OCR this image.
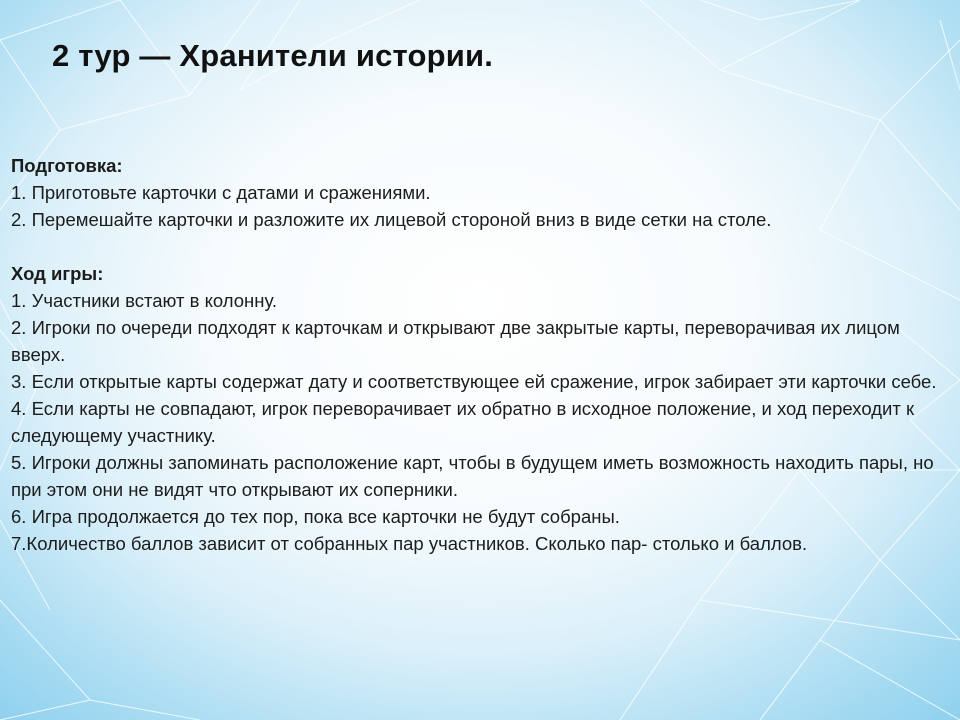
2 тур — Хранители истории.

Подготовка:

1. Приготовьте карточки с датами и сражениями.

2. Перемешайте карточки и разложите их лицевой стороной вниз в виде сетки на столе.

Ход игры:

1. Участники встают в колонну.

2. Игроки по очереди подходят к карточкам и открывают две закрытые карты, переворачивая их лицом вверх.

3. Если открытые карты содержат дату и соответствующее ей сражение, игрок забирает эти карточки себе.

4. Если карты не совпадают, игрок переворачивает их обратно в исходное положение, и ход переходит к следующему участнику.

5. Игроки должны запоминать расположение карт, чтобы в будущем иметь возможность находить пары, но при этом они не видят что открывают их соперники.

6. Игра продолжается до тех пор, пока все карточки не будут собраны.

7.Количество баллов зависит от собранных пар участников. Сколько пар- столько и баллов.
